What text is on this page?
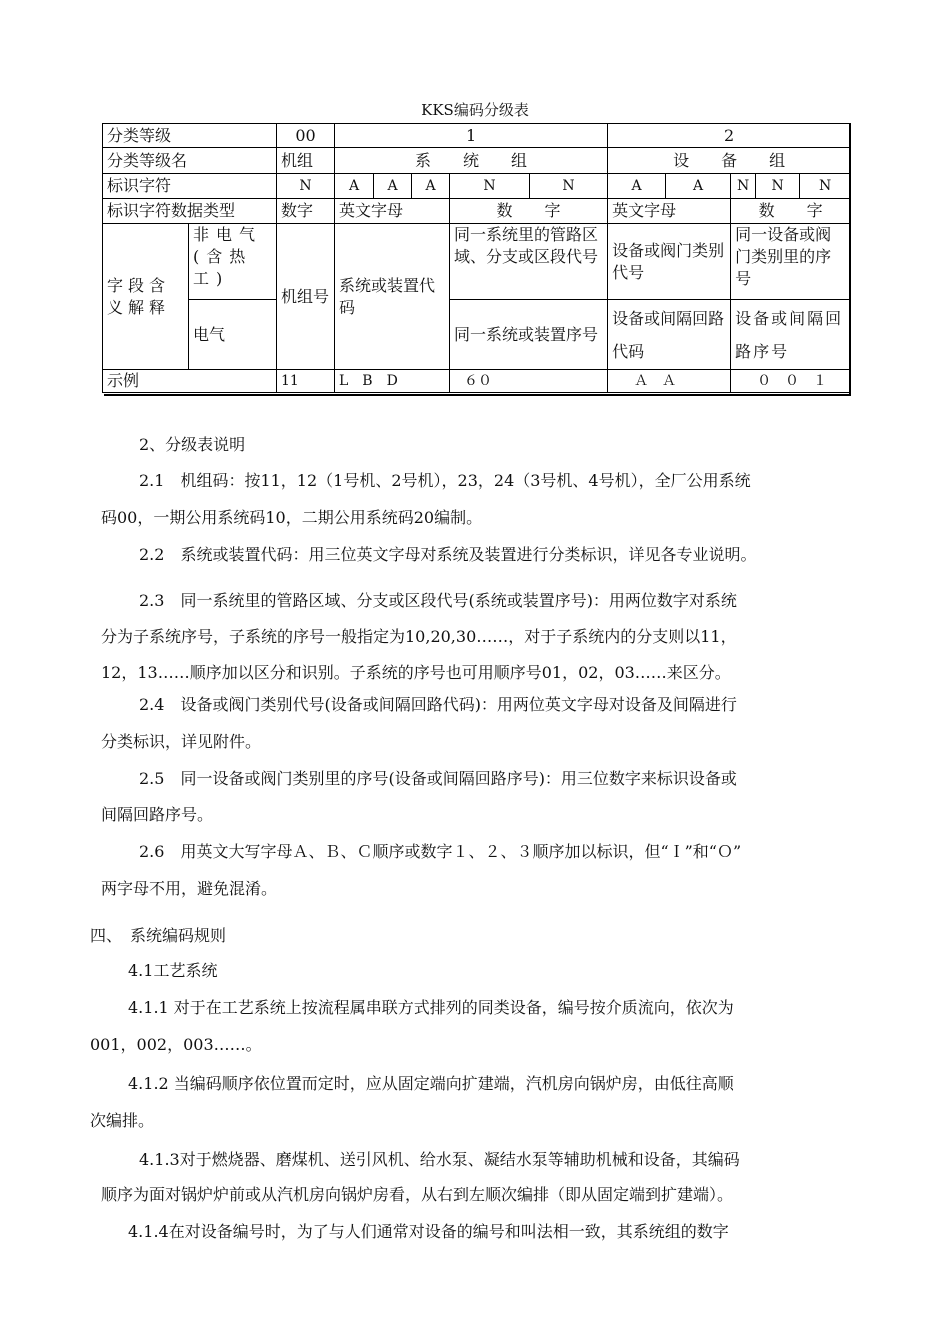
KKS编码分级表
分类等级		00	1					2				
分类等级名		机组	系　　统　　组					设　　备　　组				
标识字符		N	A	A	A	N	N	A	A	N	N	N
标识字符数据类型		数字	英文字母			数　　字		英文字母		数　　字		
字段含义解释	非电气(含热工)	机组号	系统或装置代码			同一系统里的管路区域、分支或区段代号		设备或阀门类别代号		同一设备或阀门类别里的序号		
	电气					同一系统或装置序号		设备或间隔回路代码		设备或间隔回路序号		
示例		11	L　B　D			６０		Ａ　Ａ		０　０　１		
2、分级表说明
2.1　机组码：按11，12（1号机、2号机），23，24（3号机、4号机），全厂公用系统
码00，一期公用系统码10，二期公用系统码20编制。
2.2　系统或装置代码：用三位英文字母对系统及装置进行分类标识，详见各专业说明。
2.3　同一系统里的管路区域、分支或区段代号(系统或装置序号)：用两位数字对系统
分为子系统序号，子系统的序号一般指定为10,20,30……，对于子系统内的分支则以11，
12，13……顺序加以区分和识别。子系统的序号也可用顺序号01，02，03……来区分。
2.4　设备或阀门类别代号(设备或间隔回路代码)：用两位英文字母对设备及间隔进行
分类标识，详见附件。
2.5　同一设备或阀门类别里的序号(设备或间隔回路序号)：用三位数字来标识设备或
间隔回路序号。
2.6　用英文大写字母Ａ、Ｂ、Ｃ顺序或数字１、２、３顺序加以标识，但“Ｉ”和“Ｏ”
两字母不用，避免混淆。
四、　系统编码规则
4.1工艺系统
4.1.1 对于在工艺系统上按流程属串联方式排列的同类设备，编号按介质流向，依次为
001，002，003……。
4.1.2 当编码顺序依位置而定时，应从固定端向扩建端，汽机房向锅炉房，由低往高顺
次编排。
4.1.3对于燃烧器、磨煤机、送引风机、给水泵、凝结水泵等辅助机械和设备，其编码
顺序为面对锅炉炉前或从汽机房向锅炉房看，从右到左顺次编排（即从固定端到扩建端）。
4.1.4在对设备编号时，为了与人们通常对设备的编号和叫法相一致，其系统组的数字
